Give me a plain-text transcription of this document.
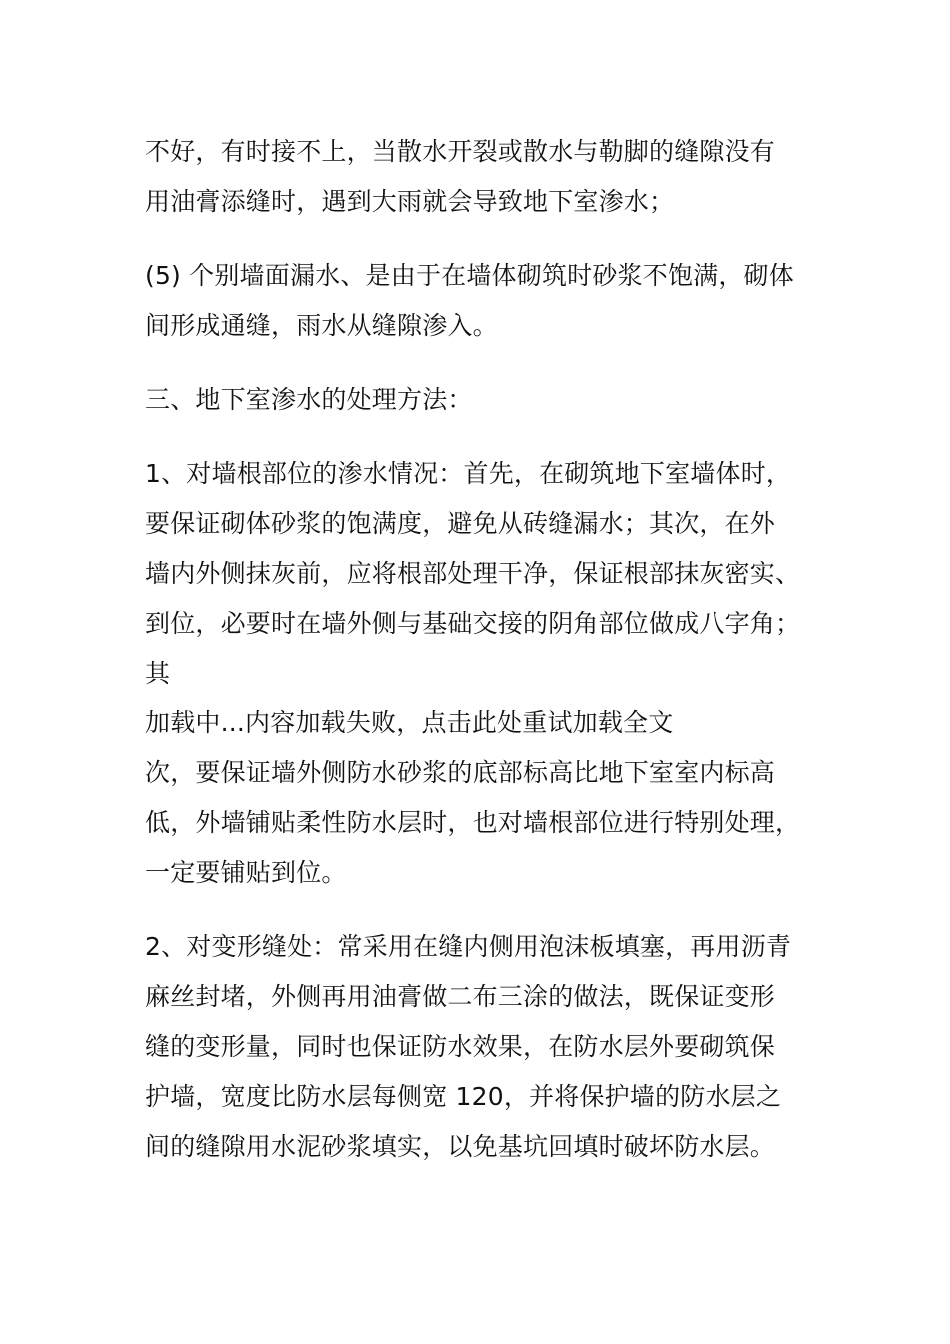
不好，有时接不上，当散水开裂或散水与勒脚的缝隙没有
用油膏添缝时，遇到大雨就会导致地下室渗水；
(5) 个别墙面漏水、是由于在墙体砌筑时砂浆不饱满，砌体
间形成通缝，雨水从缝隙渗入。
三、地下室渗水的处理方法：
1、对墙根部位的渗水情况：首先，在砌筑地下室墙体时，
要保证砌体砂浆的饱满度，避免从砖缝漏水；其次，在外
墙内外侧抹灰前，应将根部处理干净，保证根部抹灰密实、
到位，必要时在墙外侧与基础交接的阴角部位做成八字角；
其
加载中...内容加载失败，点击此处重试加载全文
次，要保证墙外侧防水砂浆的底部标高比地下室室内标高
低，外墙铺贴柔性防水层时，也对墙根部位进行特别处理，
一定要铺贴到位。
2、对变形缝处：常采用在缝内侧用泡沫板填塞，再用沥青
麻丝封堵，外侧再用油膏做二布三涂的做法，既保证变形
缝的变形量，同时也保证防水效果，在防水层外要砌筑保
护墙，宽度比防水层每侧宽 120，并将保护墙的防水层之
间的缝隙用水泥砂浆填实，以免基坑回填时破坏防水层。
